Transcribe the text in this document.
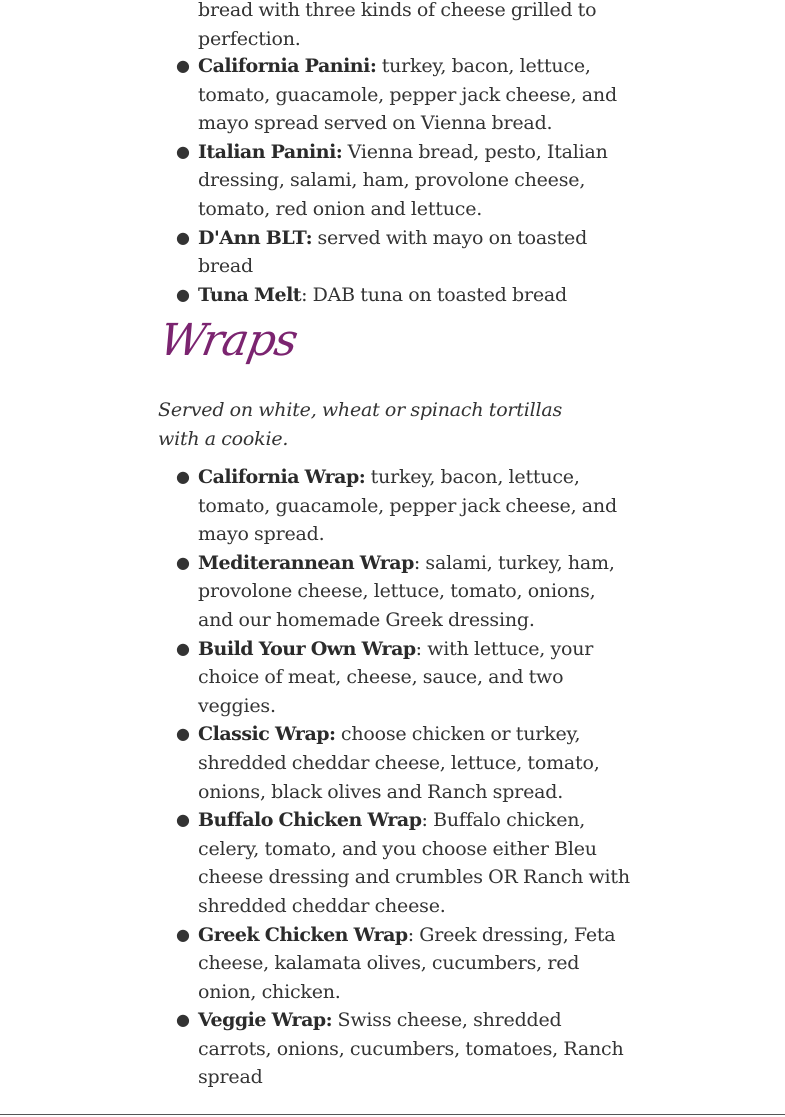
bread with three kinds of cheese grilled to perfection.
● California Panini: turkey, bacon, lettuce, tomato, guacamole, pepper jack cheese, and mayo spread served on Vienna bread.
● Italian Panini: Vienna bread, pesto, Italian dressing, salami, ham, provolone cheese, tomato, red onion and lettuce.
● D'Ann BLT: served with mayo on toasted bread
● Tuna Melt: DAB tuna on toasted bread
Wraps

Served on white, wheat or spinach tortillas with a cookie.

● California Wrap: turkey, bacon, lettuce, tomato, guacamole, pepper jack cheese, and mayo spread.
● Mediterannean Wrap: salami, turkey, ham, provolone cheese, lettuce, tomato, onions, and our homemade Greek dressing.
● Build Your Own Wrap: with lettuce, your choice of meat, cheese, sauce, and two veggies.
● Classic Wrap: choose chicken or turkey, shredded cheddar cheese, lettuce, tomato, onions, black olives and Ranch spread.
● Buffalo Chicken Wrap: Buffalo chicken, celery, tomato, and you choose either Bleu cheese dressing and crumbles OR Ranch with shredded cheddar cheese.
● Greek Chicken Wrap: Greek dressing, Feta cheese, kalamata olives, cucumbers, red onion, chicken.
● Veggie Wrap: Swiss cheese, shredded carrots, onions, cucumbers, tomatoes, Ranch spread
